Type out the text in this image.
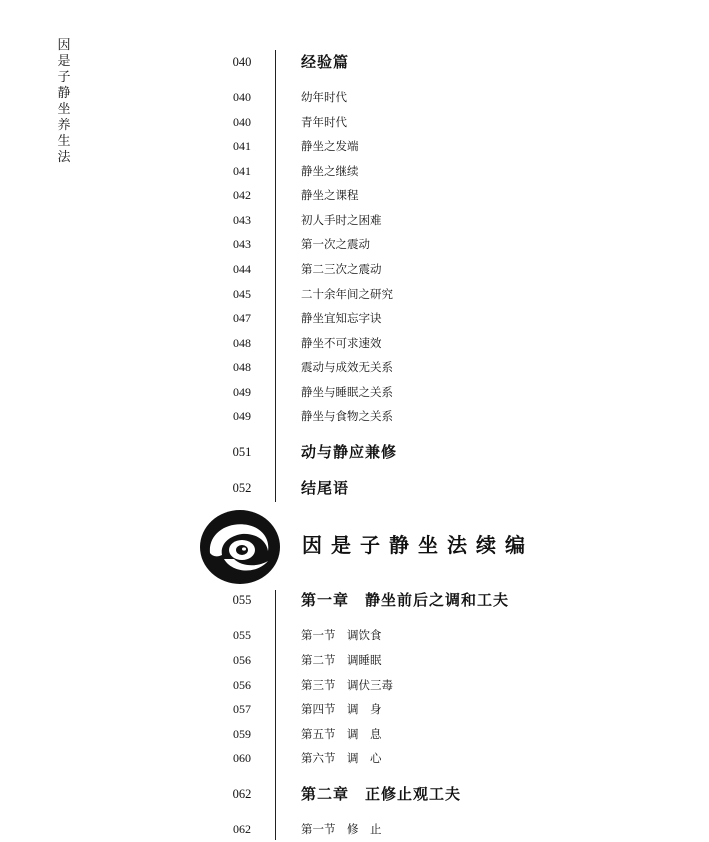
因
是
子
静
坐
养
生
法
040	经验篇
040	幼年时代
040	青年时代
041	静坐之发端
041	静坐之继续
042	静坐之课程
043	初人手时之困难
043	第一次之震动
044	第二三次之震动
045	二十余年间之研究
047	静坐宜知忘字诀
048	静坐不可求速效
048	震动与成效无关系
049	静坐与睡眠之关系
049	静坐与食物之关系
051	动与静应兼修
052	结尾语
因是子静坐法续编
055	第一章　静坐前后之调和工夫
055	第一节　调饮食
056	第二节　调睡眠
056	第三节　调伏三毒
057	第四节　调　身
059	第五节　调　息
060	第六节　调　心
062	第二章　正修止观工夫
062	第一节　修　止
